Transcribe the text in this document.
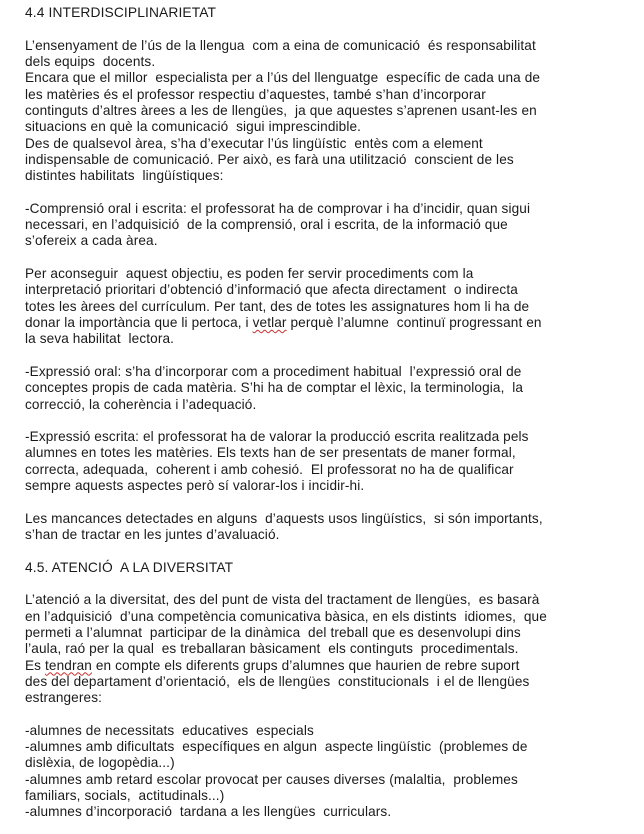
4.4 INTERDISCIPLINARIETAT
L’ensenyament de l’ús de la llengua  com a eina de comunicació  és responsabilitat
dels equips  docents.
Encara que el millor  especialista per a l’ús del llenguatge  específic de cada una de
les matèries és el professor respectiu d’aquestes, també s’han d’incorporar
continguts d’altres àrees a les de llengües,  ja que aquestes s’aprenen usant-les en
situacions en què la comunicació  sigui imprescindible.
Des de qualsevol àrea, s’ha d’executar l’ús lingüístic  entès com a element
indispensable de comunicació. Per això, es farà una utilització  conscient de les
distintes habilitats  lingüístiques:
-Comprensió oral i escrita: el professorat ha de comprovar i ha d’incidir, quan sigui
necessari, en l’adquisició  de la comprensió, oral i escrita, de la informació que
s’ofereix a cada àrea.
Per aconseguir  aquest objectiu, es poden fer servir procediments com la
interpretació prioritari d’obtenció d’informació que afecta directament  o indirecta
totes les àrees del currículum. Per tant, des de totes les assignatures hom li ha de
donar la importància que li pertoca, i vetlar perquè l’alumne  continuï progressant en
la seva habilitat  lectora.
-Expressió oral: s’ha d’incorporar com a procediment habitual  l’expressió oral de
conceptes propis de cada matèria. S’hi ha de comptar el lèxic, la terminologia,  la
correcció, la coherència i l’adequació.
-Expressió escrita: el professorat ha de valorar la producció escrita realitzada pels
alumnes en totes les matèries. Els texts han de ser presentats de maner formal,
correcta, adequada,  coherent i amb cohesió.  El professorat no ha de qualificar
sempre aquests aspectes però sí valorar-los i incidir-hi.
Les mancances detectades en alguns  d’aquests usos lingüístics,  si són importants,
s’han de tractar en les juntes d’avaluació.
4.5. ATENCIÓ  A LA DIVERSITAT
L’atenció a la diversitat, des del punt de vista del tractament de llengües,  es basarà
en l’adquisició  d’una competència comunicativa bàsica, en els distints  idiomes,  que
permeti a l’alumnat  participar de la dinàmica  del treball que es desenvolupi dins
l’aula, raó per la qual  es treballaran bàsicament  els continguts  procedimentals.
Es tendran en compte els diferents grups d’alumnes que haurien de rebre suport
des del departament d’orientació,  els de llengües  constitucionals  i el de llengües
estrangeres:
-alumnes de necessitats  educatives  especials
-alumnes amb dificultats  específiques en algun  aspecte lingüístic  (problemes de
dislèxia, de logopèdia...)
-alumnes amb retard escolar provocat per causes diverses (malaltia,  problemes
familiars, socials,  actitudinals...)
-alumnes d’incorporació  tardana a les llengües  curriculars.
